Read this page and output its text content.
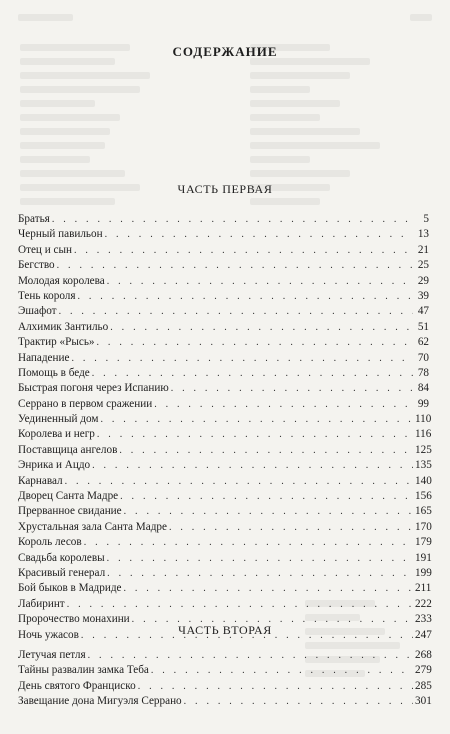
СОДЕРЖАНИЕ
ЧАСТЬ ПЕРВАЯ
Братья . . .	5
Черный павильон . . .	13
Отец и сын . . .	21
Бегство . . .	25
Молодая королева . . .	29
Тень короля . . .	39
Эшафот . . .	47
Алхимик Зантильо . . .	51
Трактир «Рысь» . . .	62
Нападение . . .	70
Помощь в беде . . .	78
Быстрая погоня через Испанию . . .	84
Серрано в первом сражении . . .	99
Уединенный дом . . .	110
Королева и негр . . .	116
Поставщица ангелов . . .	125
Энрика и Ацдо . . .	135
Карнавал . . .	140
Дворец Санта Мадре . . .	156
Прерванное свидание . . .	165
Хрустальная зала Санта Мадре . . .	170
Король лесов . . .	179
Свадьба королевы . . .	191
Красивый генерал . . .	199
Бой быков в Мадриде . . .	211
Лабиринт . . .	222
Пророчество монахини . . .	233
Ночь ужасов . . .	247
ЧАСТЬ ВТОРАЯ
Летучая петля . . .	268
Тайны развалин замка Теба . . .	279
День святого Франциско . . .	285
Завещание дона Мигуэля Серрано . . .	301
